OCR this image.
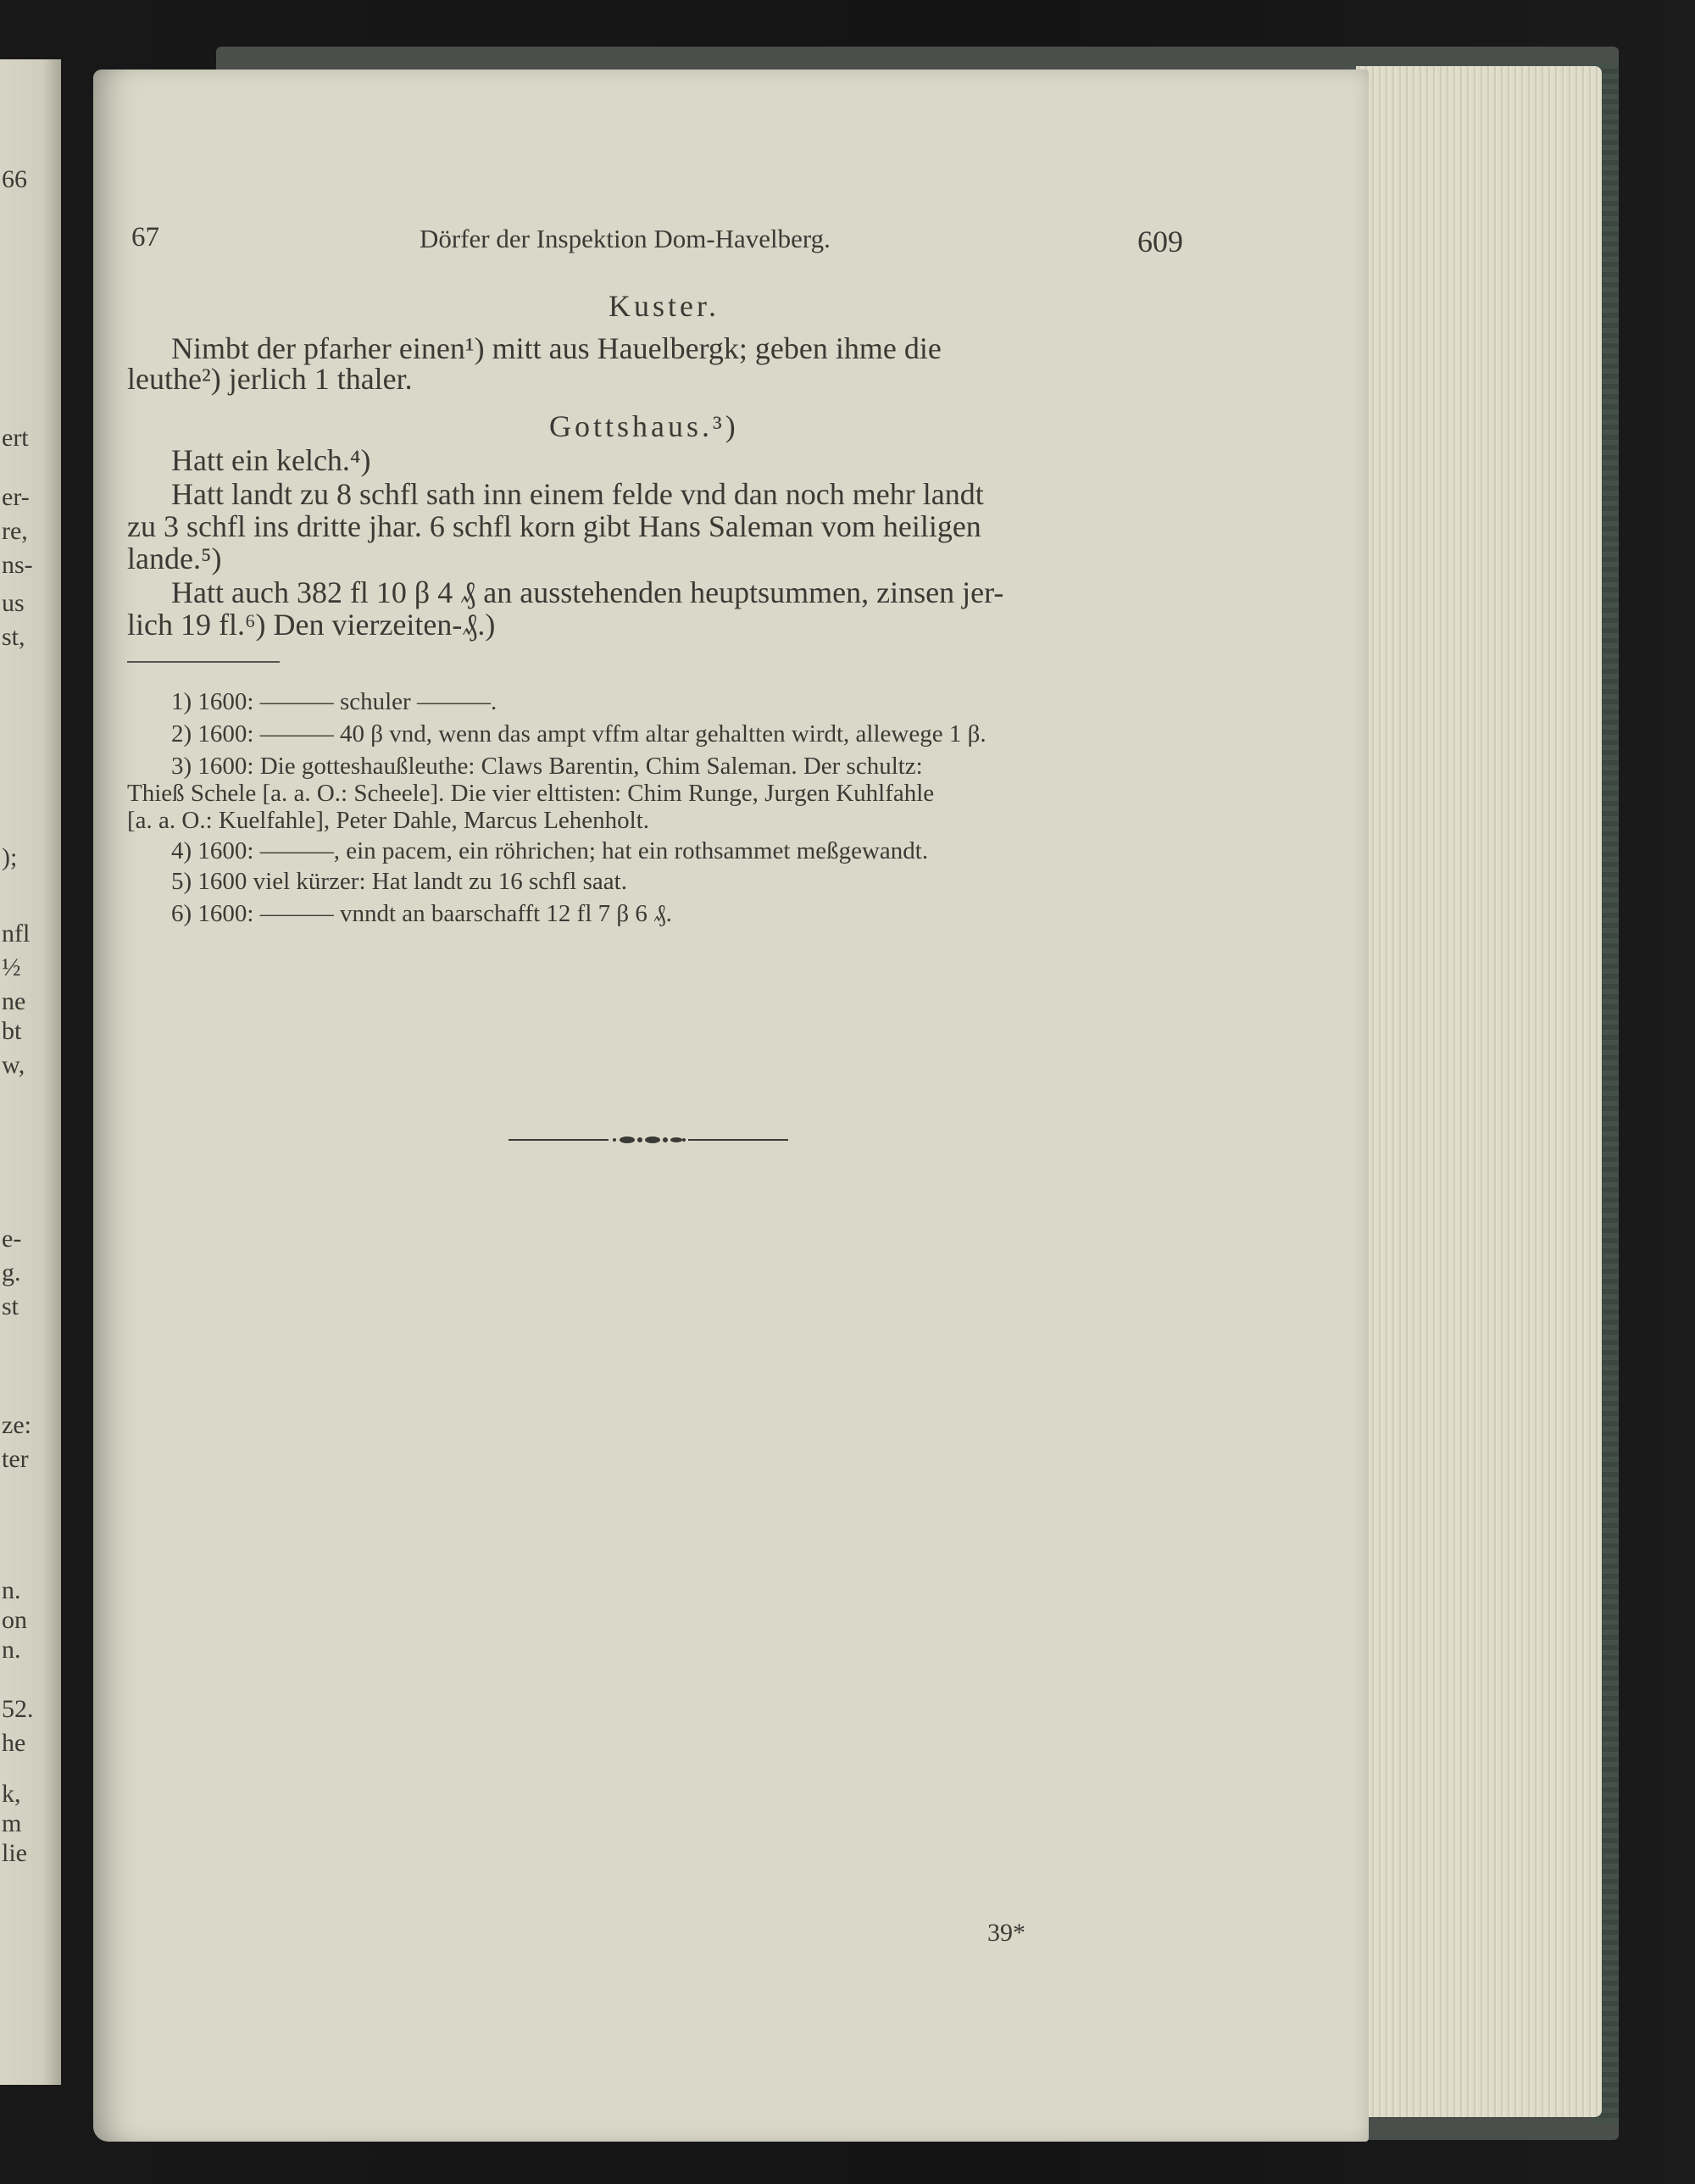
66
ert
er-
re,
ns-
us
st,
);
nfl
½
ne
bt
w,
e-
g.
st
ze:
ter
n.
on
n.
52.
he
k,
m
lie
67	Dörfer der Inspektion Dom-Havelberg.	609
Kuster.
Nimbt der pfarher einen¹) mitt aus Hauelbergk; geben ihme die
leuthe²) jerlich 1 thaler.
Gottshaus.³)
Hatt ein kelch.⁴)
Hatt landt zu 8 schfl sath inn einem felde vnd dan noch mehr landt
zu 3 schfl ins dritte jhar. 6 schfl korn gibt Hans Saleman vom heiligen
lande.⁵)
Hatt auch 382 fl 10 β 4 ₰ an ausstehenden heuptsummen, zinsen jer-
lich 19 fl.⁶) Den vierzeiten-₰.)
1) 1600: ——— schuler ———.
2) 1600: ——— 40 β vnd, wenn das ampt vffm altar gehaltten wirdt, allewege 1 β.
3) 1600: Die gotteshaußleuthe: Claws Barentin, Chim Saleman. Der schultz:
Thieß Schele [a. a. O.: Scheele]. Die vier elttisten: Chim Runge, Jurgen Kuhlfahle
[a. a. O.: Kuelfahle], Peter Dahle, Marcus Lehenholt.
4) 1600: ———, ein pacem, ein röhrichen; hat ein rothsammet meßgewandt.
5) 1600 viel kürzer: Hat landt zu 16 schfl saat.
6) 1600: ——— vnndt an baarschafft 12 fl 7 β 6 ₰.
39*
